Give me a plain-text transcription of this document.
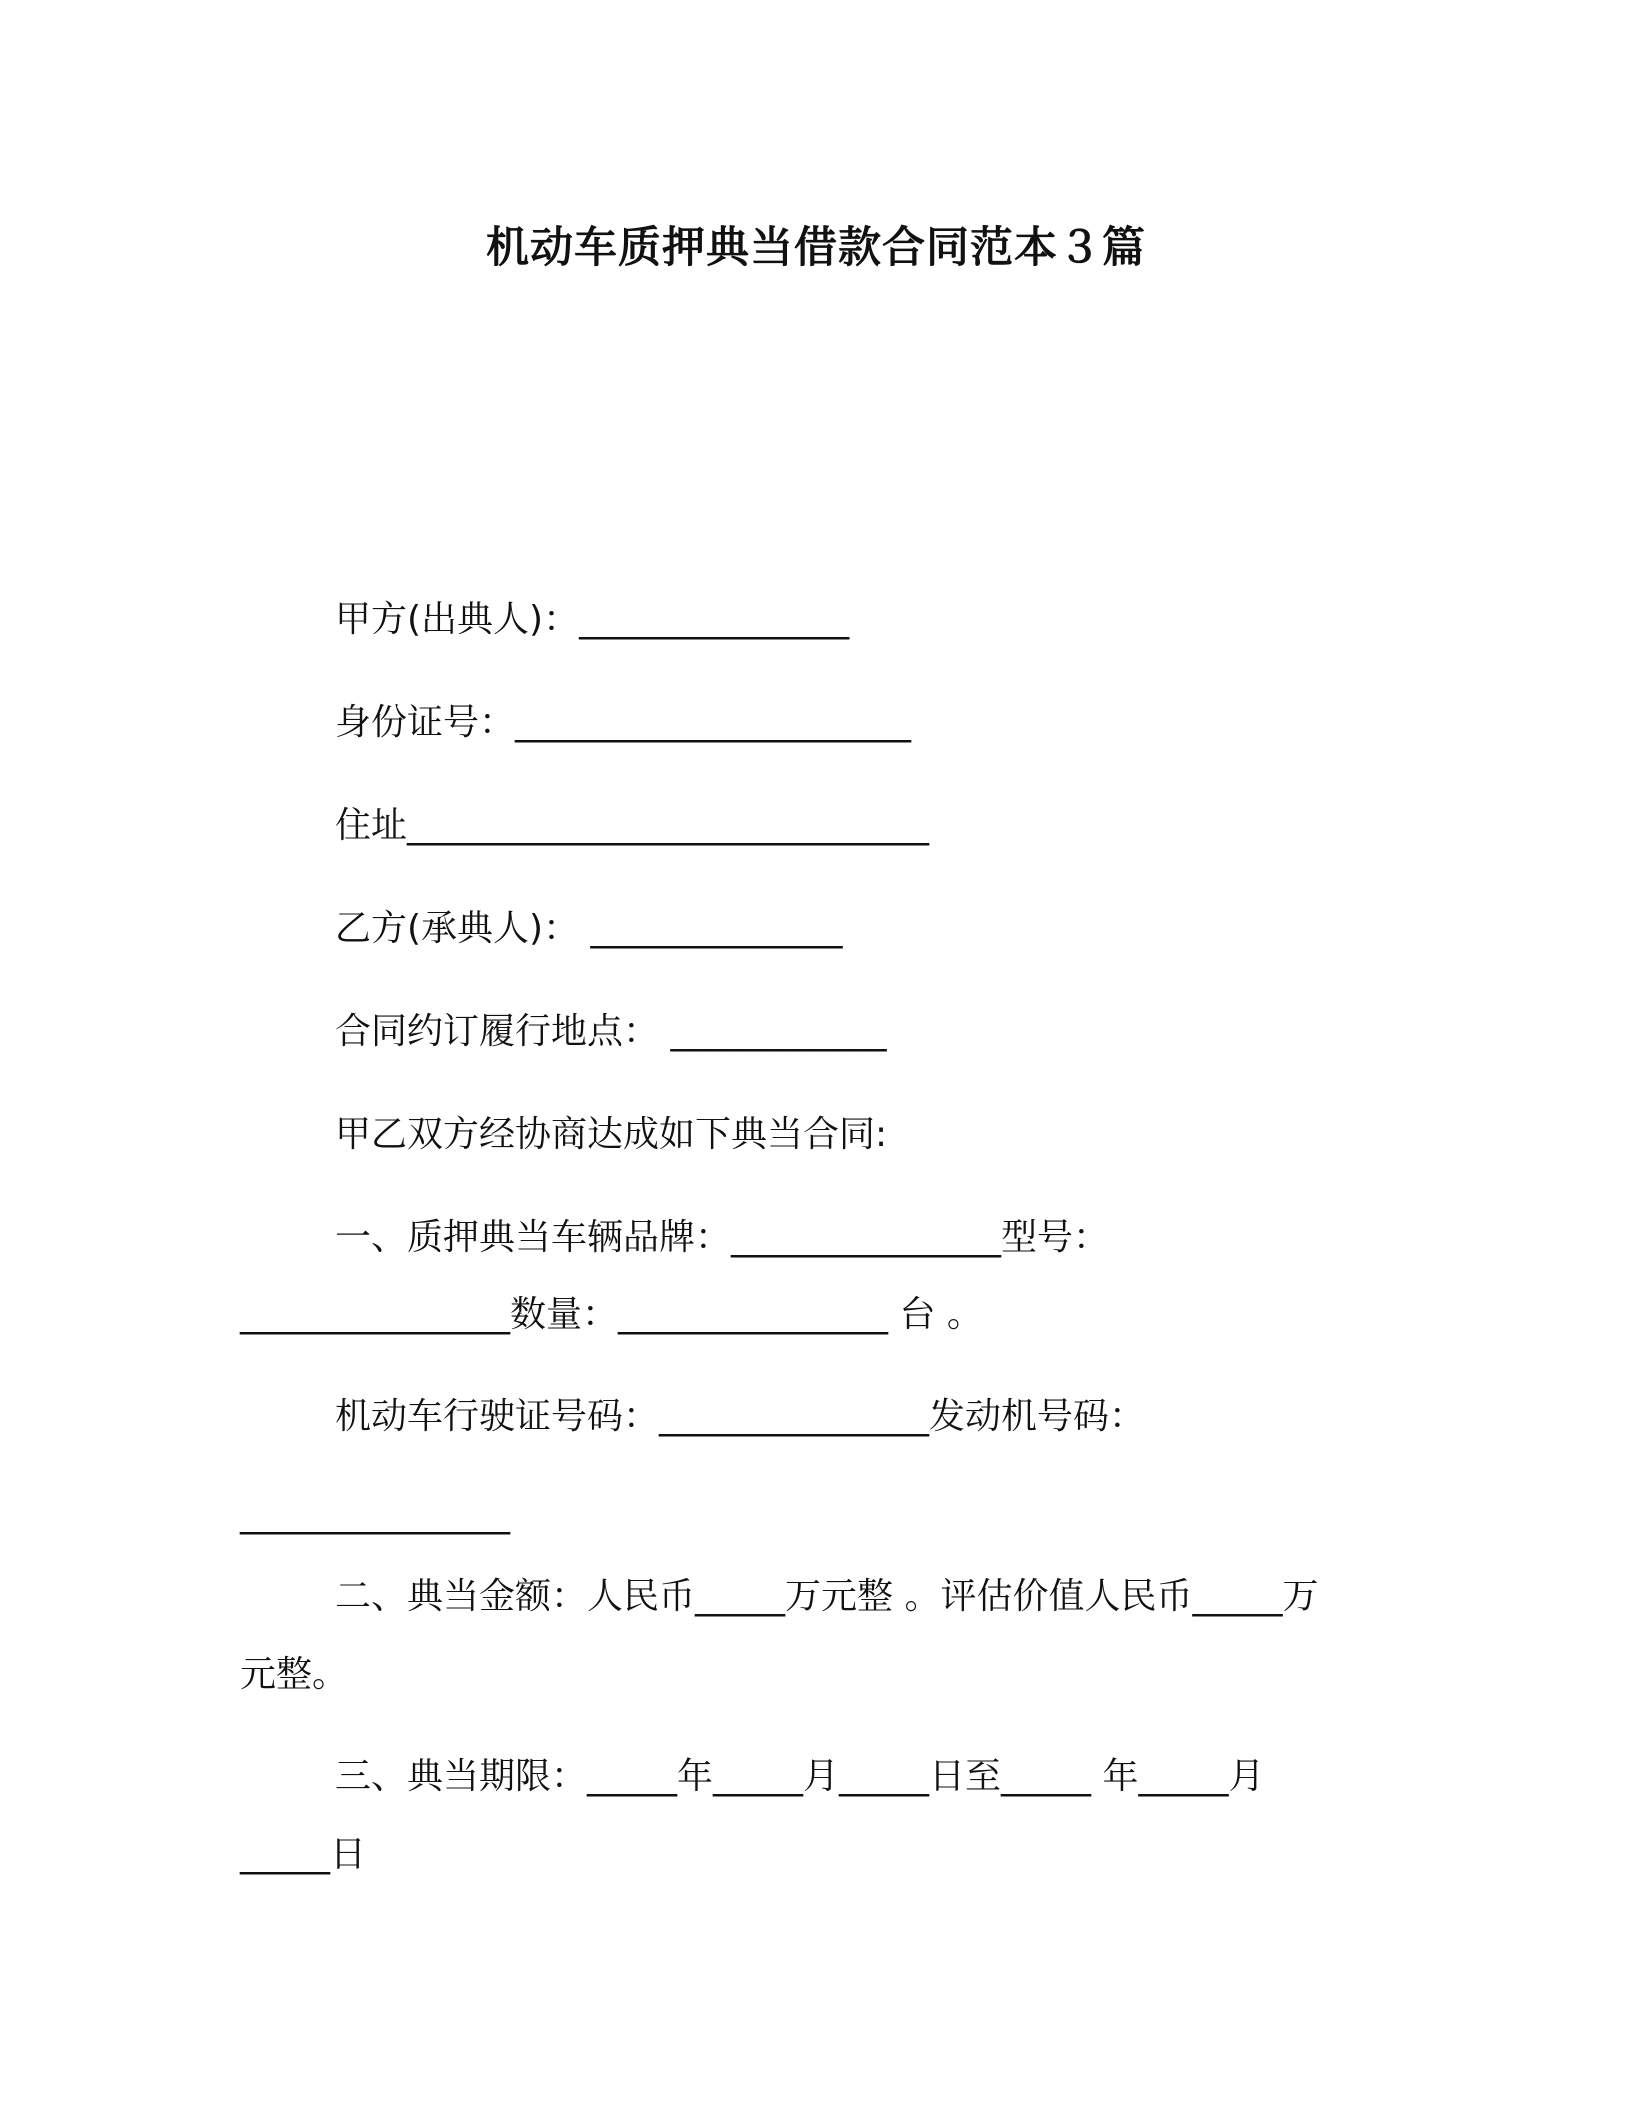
机动车质押典当借款合同范本３篇
甲方(出典人)：_______________
身份证号：______________________
住址_____________________________
乙方(承典人)： ______________
合同约订履行地点： ____________
甲乙双方经协商达成如下典当合同:
一、质押典当车辆品牌：_______________型号：
_______________数量：_______________ 台 。
机动车行驶证号码：_______________发动机号码：
_______________
二、典当金额：人民币_____万元整 。评估价值人民币_____万
元整。
三、典当期限：_____年_____月_____日至_____ 年_____月
_____日
